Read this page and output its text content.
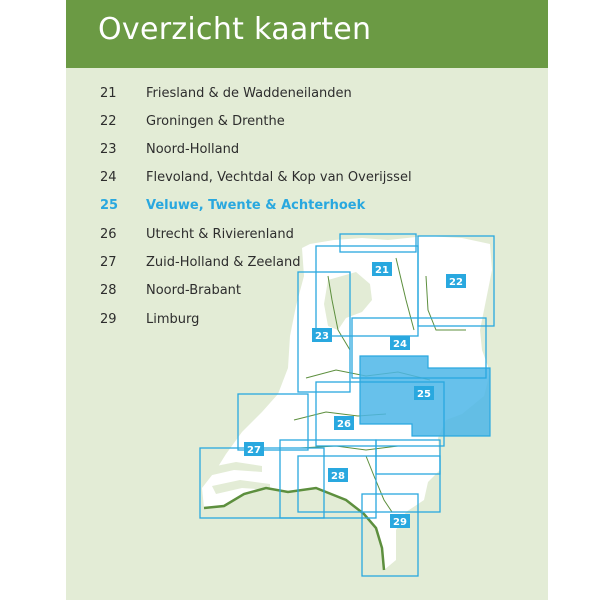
Overzicht kaarten
21 Friesland & de Waddeneilanden
22 Groningen & Drenthe
23 Noord-Holland
24 Flevoland, Vechtdal & Kop van Overijssel
25 Veluwe, Twente & Achterhoek
26 Utrecht & Rivierenland
27 Zuid-Holland & Zeeland
28 Noord-Brabant
29 Limburg
21
22
23
24
25
26
27
28
29
